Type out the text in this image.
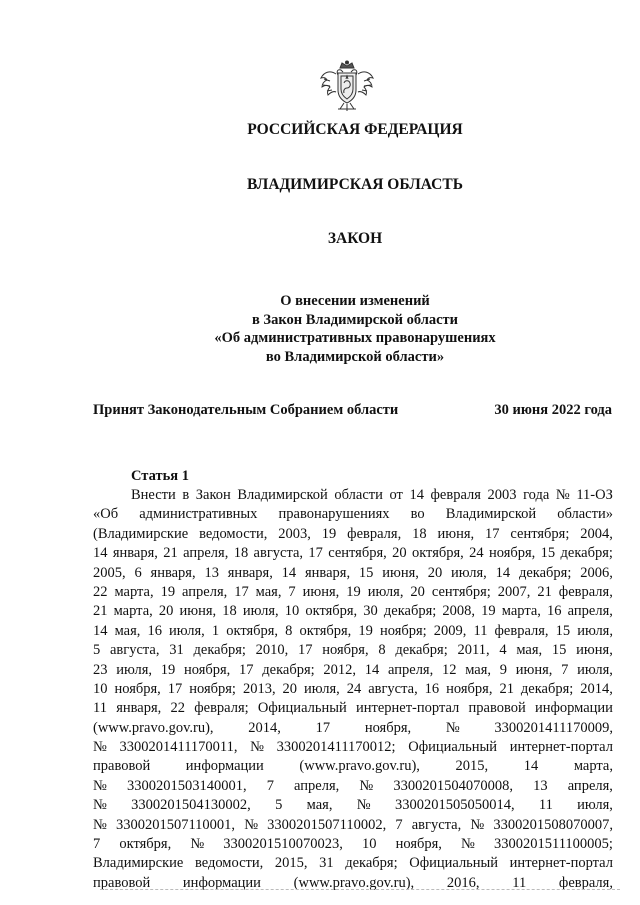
РОССИЙСКАЯ ФЕДЕРАЦИЯ
ВЛАДИМИРСКАЯ ОБЛАСТЬ
ЗАКОН
О внесении изменений
в Закон Владимирской области
«Об административных правонарушениях
во Владимирской области»
Принят Законодательным Собранием области	30 июня 2022 года
Статья 1
Внести в Закон Владимирской области от 14 февраля 2003 года № 11-ОЗ
«Об административных правонарушениях во Владимирской области»
(Владимирские ведомости, 2003, 19 февраля, 18 июня, 17 сентября; 2004,
14 января, 21 апреля, 18 августа, 17 сентября, 20 октября, 24 ноября, 15 декабря;
2005, 6 января, 13 января, 14 января, 15 июня, 20 июля, 14 декабря; 2006,
22 марта, 19 апреля, 17 мая, 7 июня, 19 июля, 20 сентября; 2007, 21 февраля,
21 марта, 20 июня, 18 июля, 10 октября, 30 декабря; 2008, 19 марта, 16 апреля,
14 мая, 16 июля, 1 октября, 8 октября, 19 ноября; 2009, 11 февраля, 15 июля,
5 августа, 31 декабря; 2010, 17 ноября, 8 декабря; 2011, 4 мая, 15 июня,
23 июля, 19 ноября, 17 декабря; 2012, 14 апреля, 12 мая, 9 июня, 7 июля,
10 ноября, 17 ноября; 2013, 20 июля, 24 августа, 16 ноября, 21 декабря; 2014,
11 января, 22 февраля; Официальный интернет-портал правовой информации
(www.pravo.gov.ru), 2014, 17 ноября, № 3300201411170009,
№ 3300201411170011, № 3300201411170012; Официальный интернет-портал
правовой информации (www.pravo.gov.ru), 2015, 14 марта,
№ 3300201503140001, 7 апреля, № 3300201504070008, 13 апреля,
№ 3300201504130002, 5 мая, № 3300201505050014, 11 июля,
№ 3300201507110001, № 3300201507110002, 7 августа, № 3300201508070007,
7 октября, № 3300201510070023, 10 ноября, № 3300201511100005;
Владимирские ведомости, 2015, 31 декабря; Официальный интернет-портал
правовой информации (www.pravo.gov.ru), 2016, 11 февраля,
